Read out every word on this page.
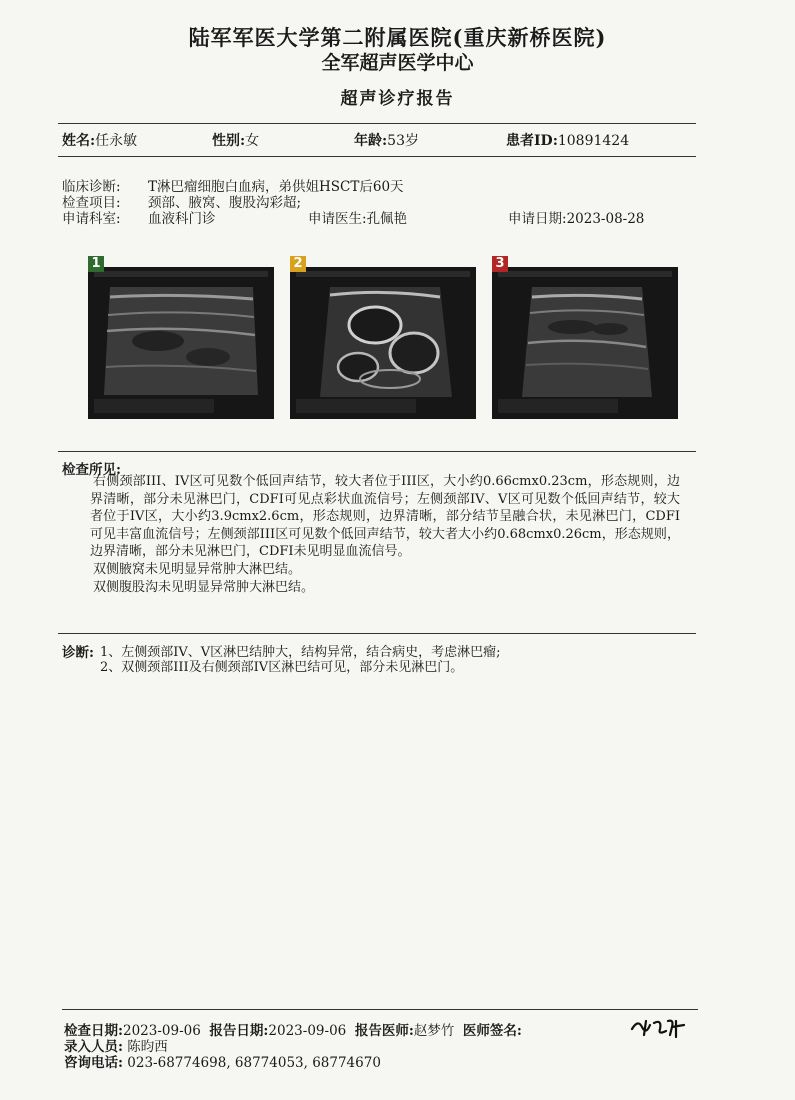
陆军军医大学第二附属医院(重庆新桥医院)
全军超声医学中心
超声诊疗报告
姓名:任永敏	性别:女	年龄:53岁	患者ID:10891424
临床诊断: T淋巴瘤细胞白血病，弟供姐HSCT后60天
检查项目: 颈部、腋窝、腹股沟彩超;
申请科室: 血液科门诊	申请医生:孔佩艳	申请日期:2023-08-28
1	2	3
检查所见:
右侧颈部III、IV区可见数个低回声结节，较大者位于III区，大小约0.66cmx0.23cm，形态规则，边界清晰，部分未见淋巴门，CDFI可见点彩状血流信号；左侧颈部IV、V区可见数个低回声结节，较大者位于IV区，大小约3.9cmx2.6cm，形态规则，边界清晰，部分结节呈融合状，未见淋巴门，CDFI可见丰富血流信号；左侧颈部III区可见数个低回声结节，较大者大小约0.68cmx0.26cm，形态规则，边界清晰，部分未见淋巴门，CDFI未见明显血流信号。
双侧腋窝未见明显异常肿大淋巴结。
双侧腹股沟未见明显异常肿大淋巴结。
诊断: 1、左侧颈部IV、V区淋巴结肿大，结构异常，结合病史，考虑淋巴瘤;
2、双侧颈部III及右侧颈部IV区淋巴结可见，部分未见淋巴门。
检查日期:2023-09-06 报告日期:2023-09-06 报告医师:赵梦竹 医师签名:
录入人员: 陈昀西
咨询电话: 023-68774698, 68774053, 68774670
